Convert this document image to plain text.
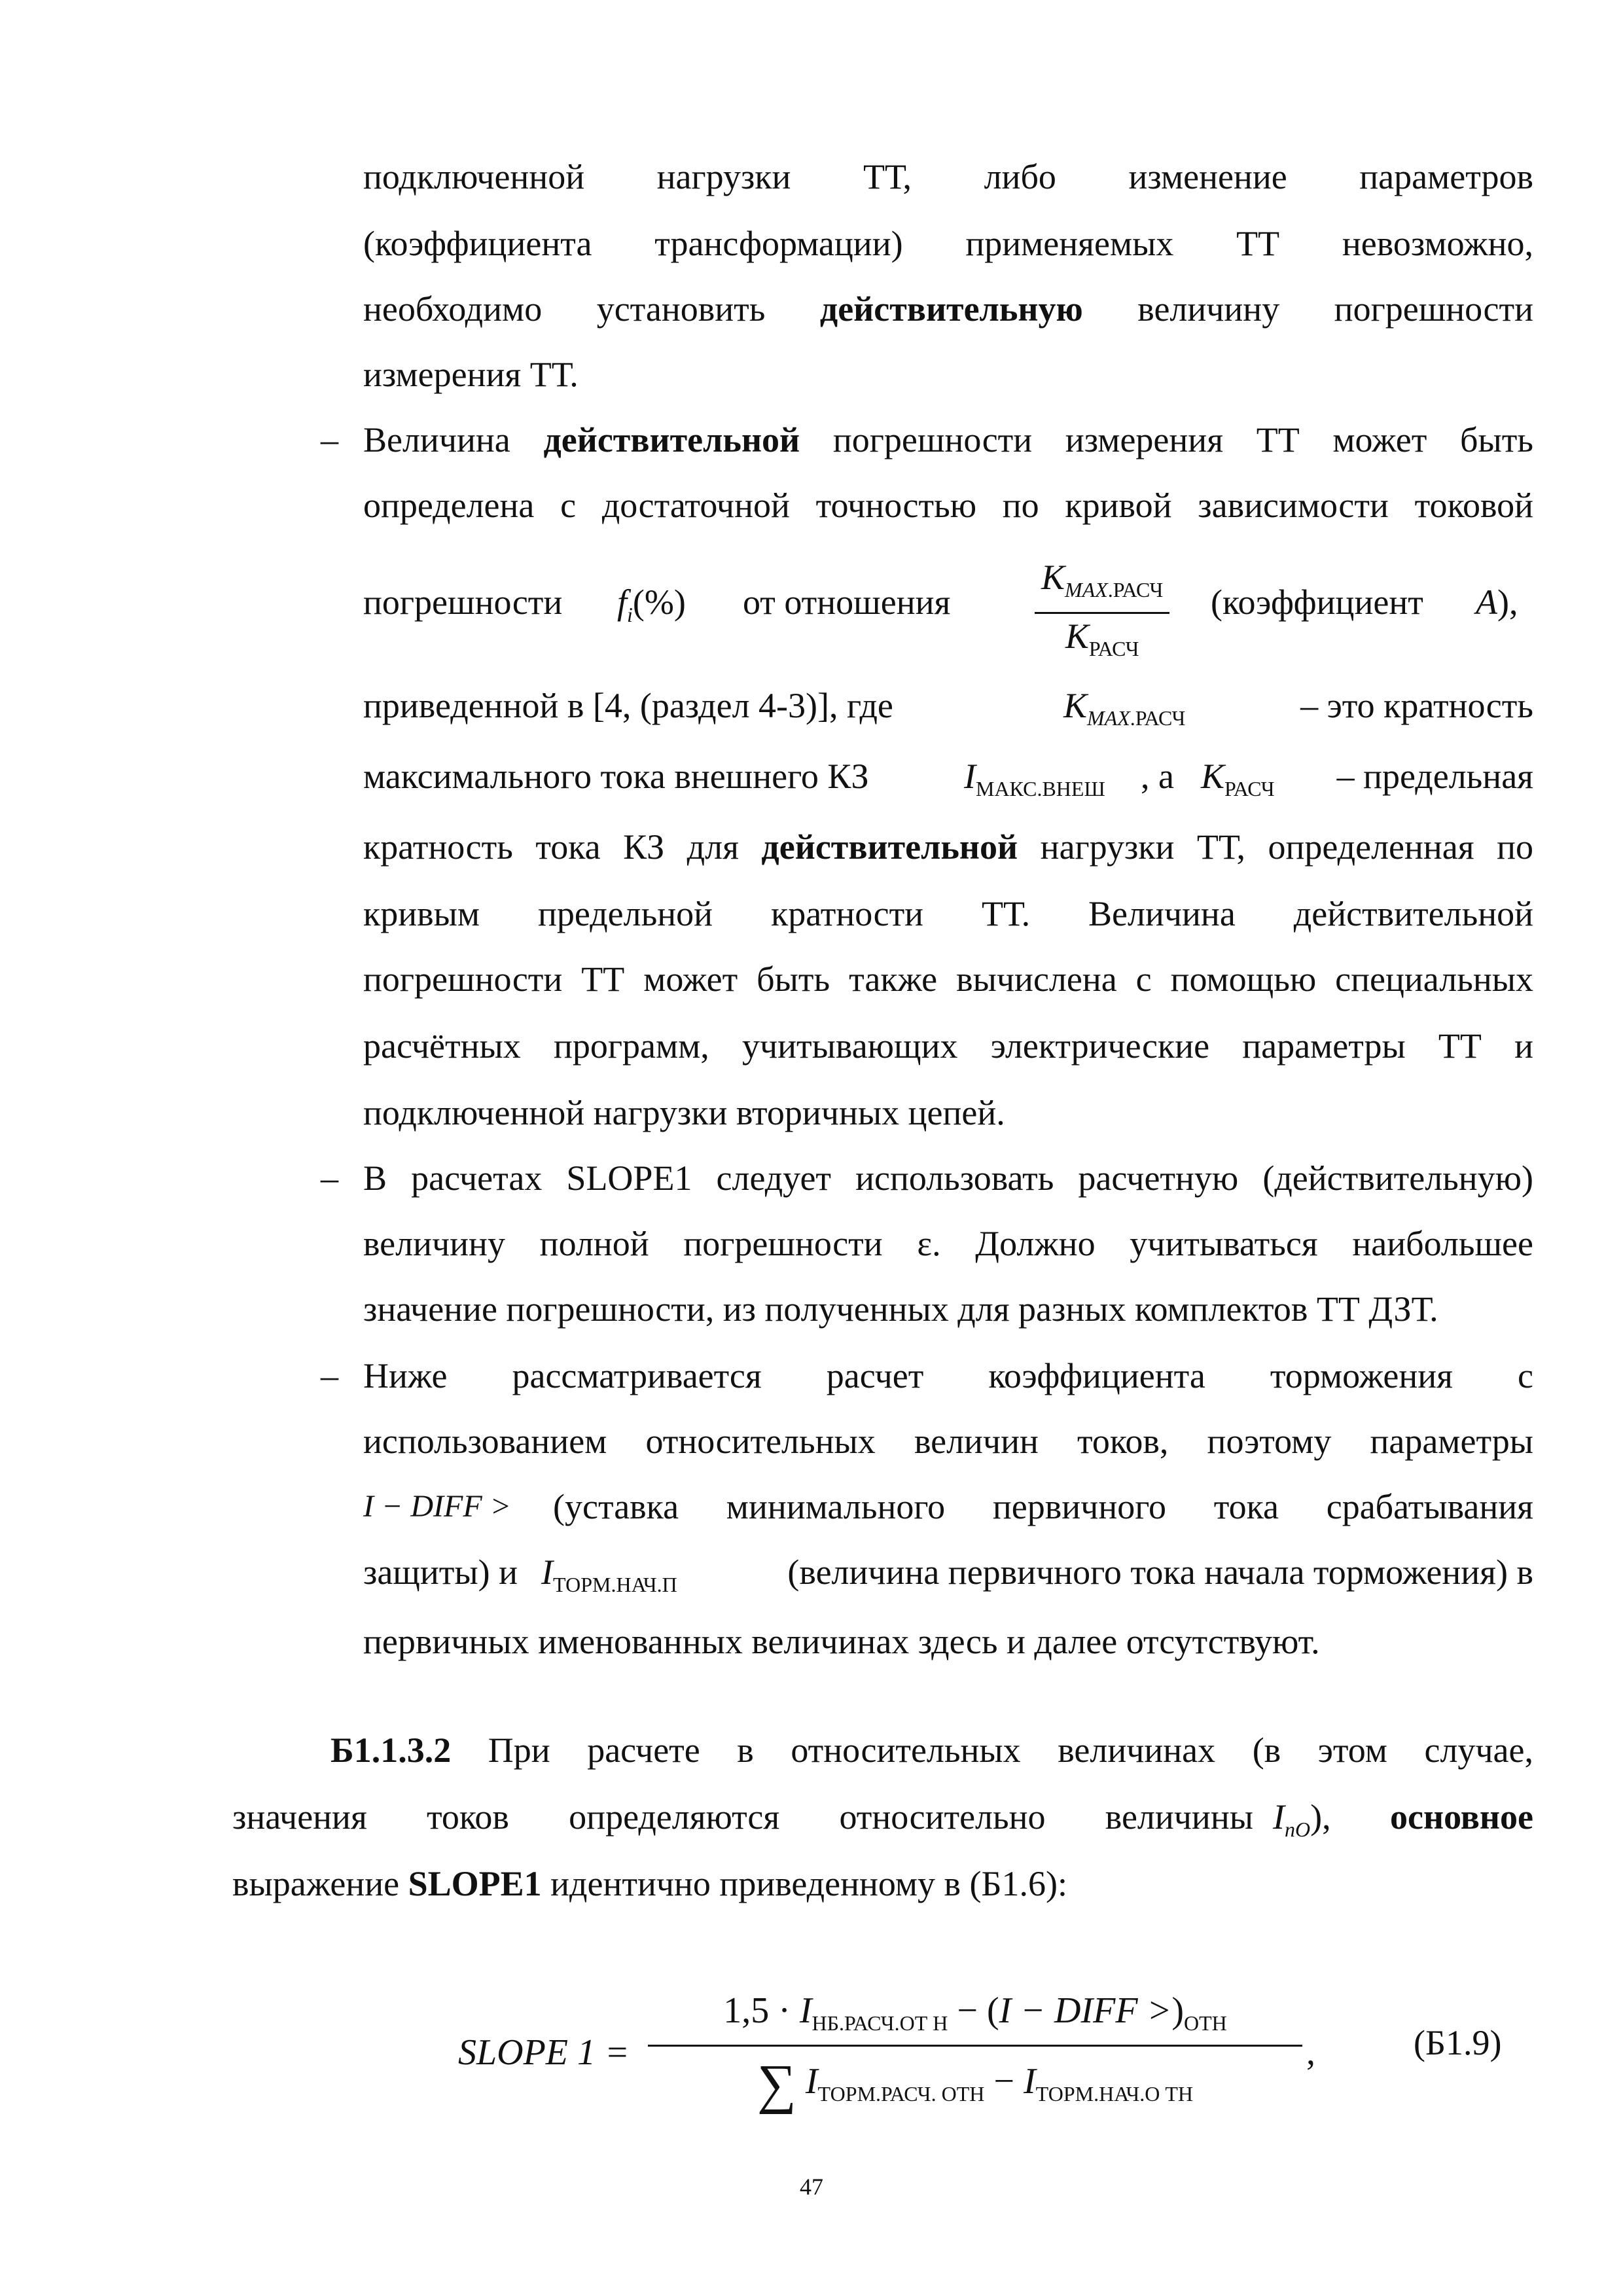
подключенной нагрузки ТТ, либо изменение параметров
(коэффициента трансформации) применяемых ТТ невозможно,
необходимо установить действительную величину погрешности
измерения ТТ.
– Величина действительной погрешности измерения ТТ может быть
определена с достаточной точностью по кривой зависимости токовой
погрешности $f_i(\%)$ от отношения
$K_{MAX.РАСЧ}$
$K_{РАСЧ}$
(коэффициент A),
приведенной в [4, (раздел 4-3)], где	$K_{MAX.РАСЧ}$	– это кратность
максимального тока внешнего КЗ	$I_{МАКС.ВНЕШ}$ , а $K_{РАСЧ}$ – предельная
кратность тока КЗ для действительной нагрузки ТТ, определенная по
кривым предельной кратности ТТ. Величина действительной
погрешности ТТ может быть также вычислена с помощью специальных
расчётных программ, учитывающих электрические параметры ТТ и
подключенной нагрузки вторичных цепей.
– В расчетах SLOPE1 следует использовать расчетную (действительную)
величину полной погрешности ε. Должно учитываться наибольшее
значение погрешности, из полученных для разных комплектов ТТ ДЗТ.
– Ниже рассматривается расчет коэффициента торможения с
использованием относительных величин токов, поэтому параметры
I − DIFF > (уставка минимального первичного тока срабатывания
защиты) и $I_{ТОРМ.НАЧ.П}$	(величина первичного тока начала торможения) в
первичных именованных величинах здесь и далее отсутствуют.
Б1.1.3.2 При расчете в относительных величинах (в этом случае,
значения токов определяются относительно величины $I_{nO}$), основное
выражение SLOPE1 идентично приведенному в (Б1.6):
SLOPE 1 =
$1,5 \cdot I_{НБ.РАСЧ.ОТ Н} - (I$ − DIFF $>)_{ОТН}$
∑ $I_{ТОРМ.РАСЧ. ОТН} - I_{ТОРМ.НАЧ.О ТН}$
,	(Б1.9)
47
